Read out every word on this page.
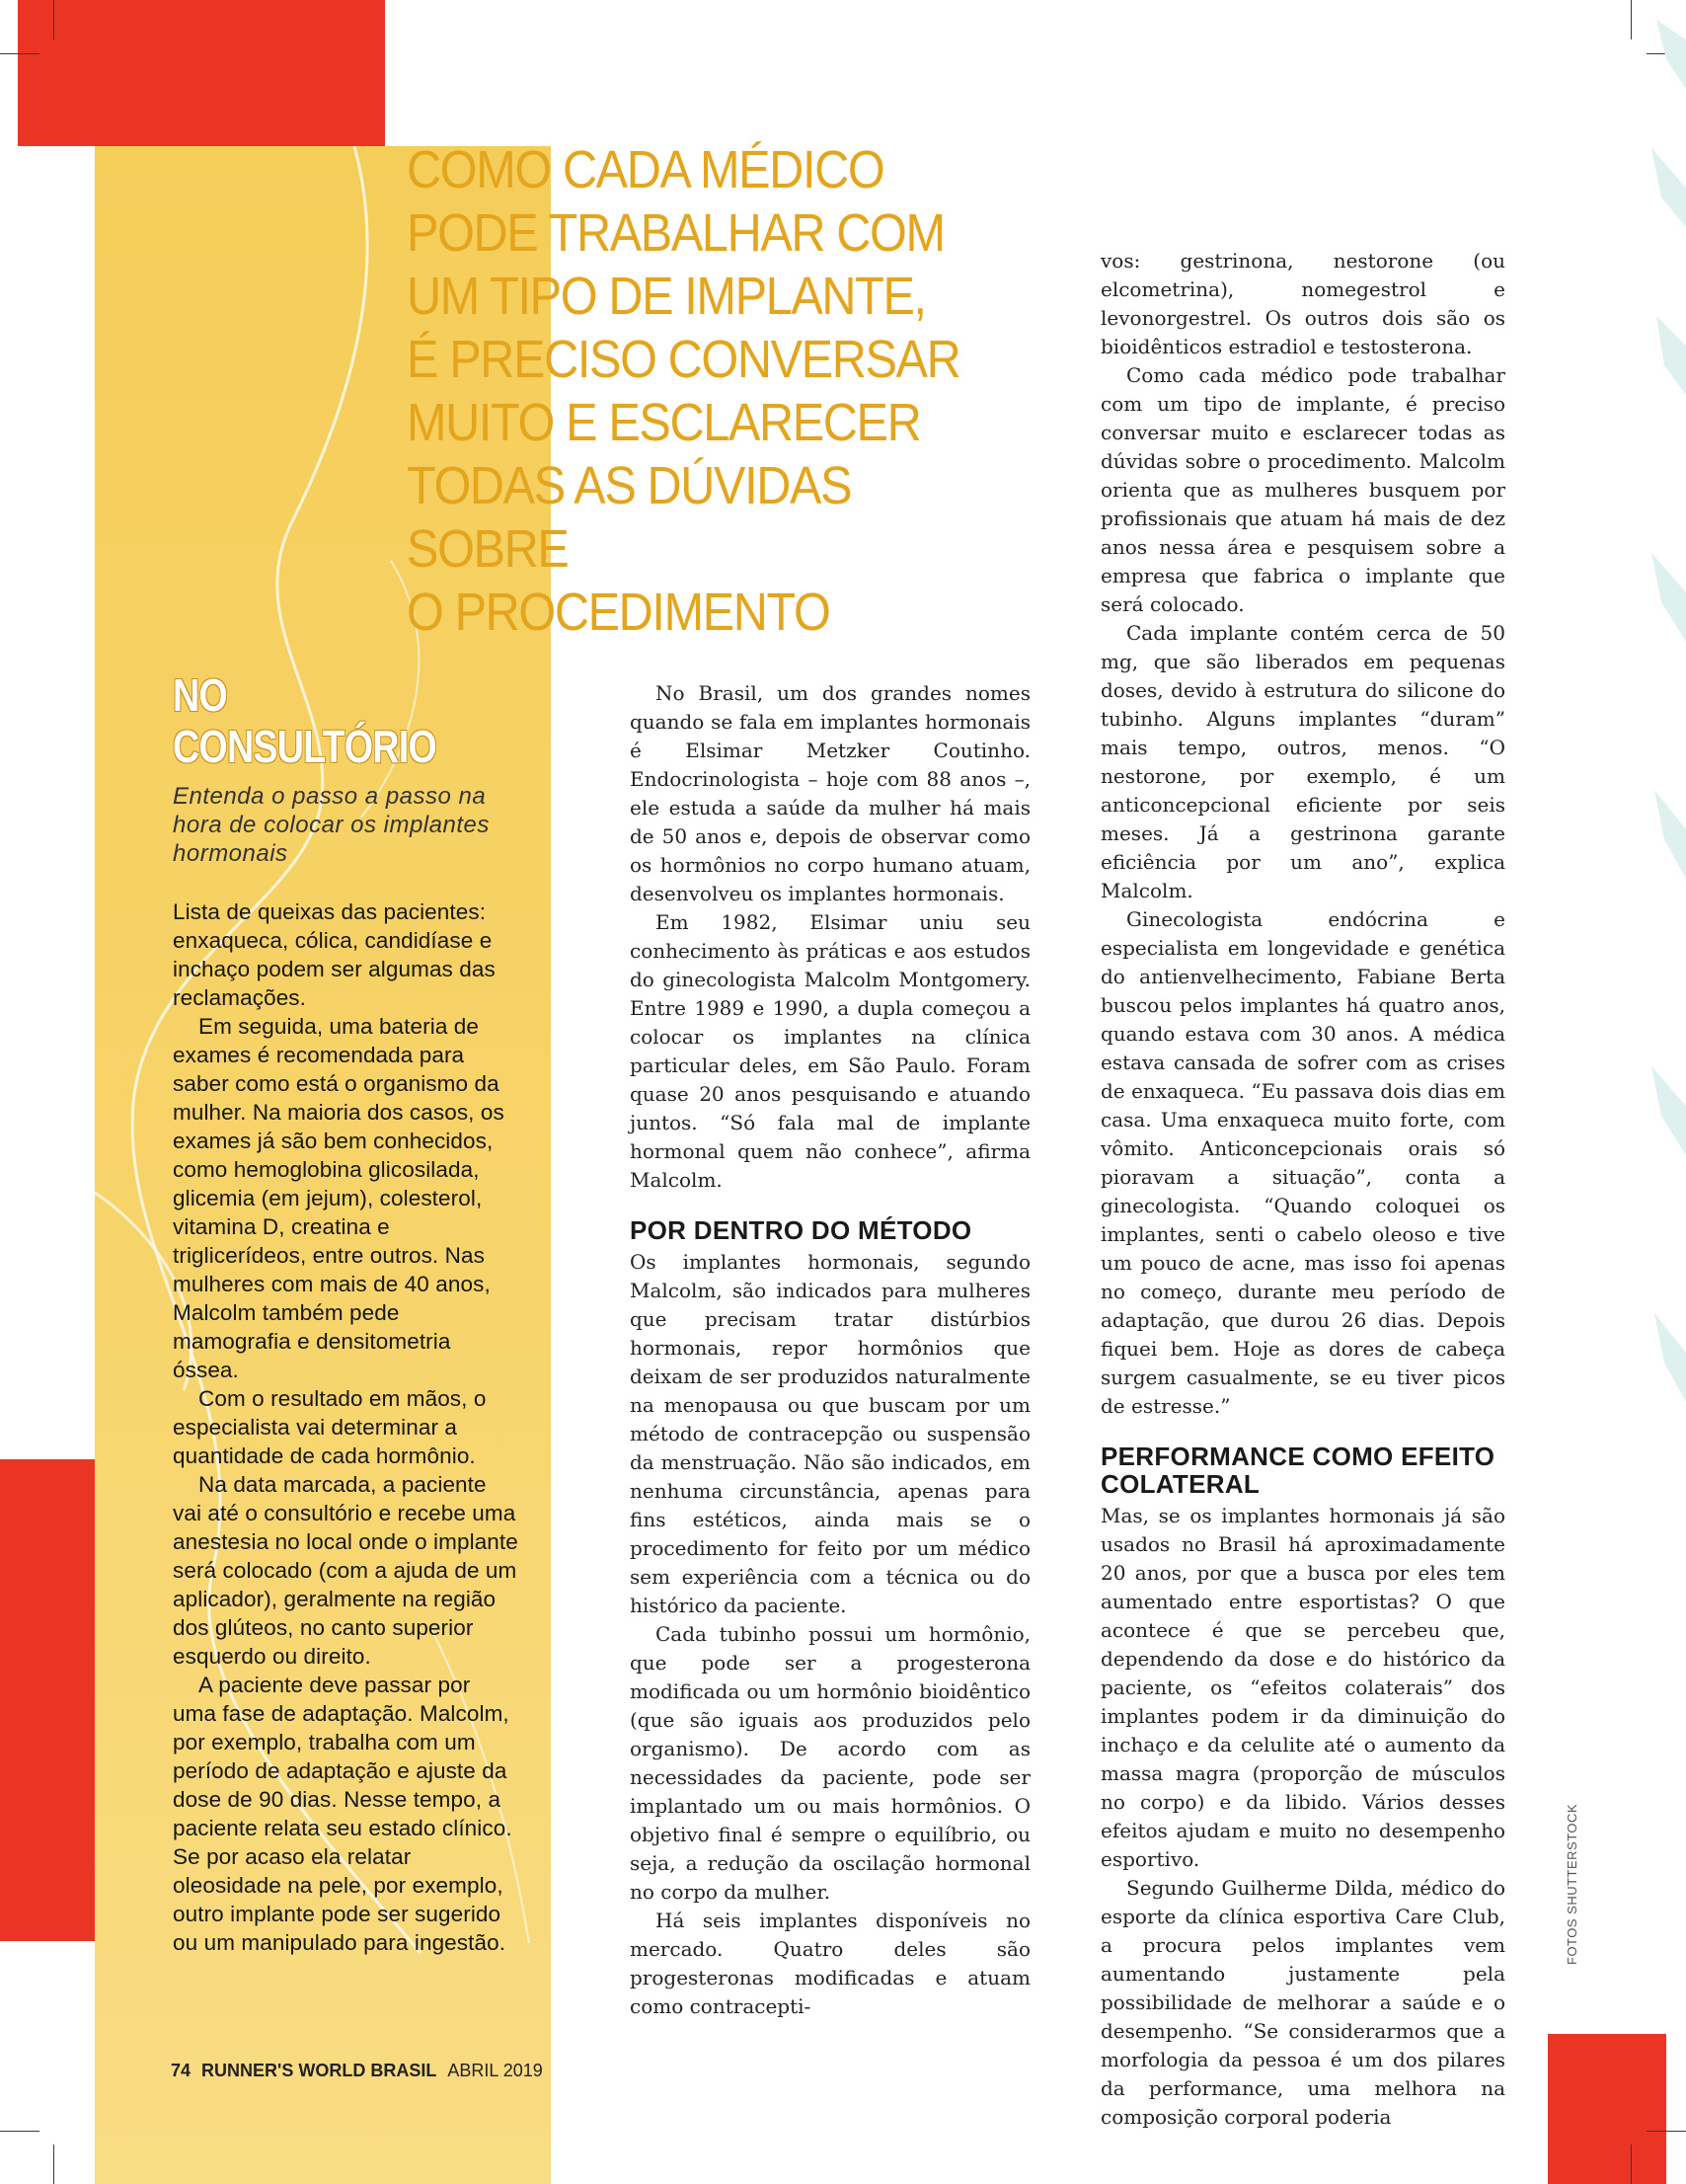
COMO CADA MÉDICO
PODE TRABALHAR COM
UM TIPO DE IMPLANTE,
É PRECISO CONVERSAR
MUITO E ESCLARECER
TODAS AS DÚVIDAS SOBRE
O PROCEDIMENTO

NO CONSULTÓRIO

Entenda o passo a passo na hora de colocar os implantes hormonais

Lista de queixas das pacientes: enxaqueca, cólica, candidíase e inchaço podem ser algumas das reclamações.

Em seguida, uma bateria de exames é recomendada para saber como está o organismo da mulher. Na maioria dos casos, os exames já são bem conhecidos, como hemoglobina glicosilada, glicemia (em jejum), colesterol, vitamina D, creatina e triglicerídeos, entre outros. Nas mulheres com mais de 40 anos, Malcolm também pede mamografia e densitometria óssea.

Com o resultado em mãos, o especialista vai determinar a quantidade de cada hormônio.

Na data marcada, a paciente vai até o consultório e recebe uma anestesia no local onde o implante será colocado (com a ajuda de um aplicador), geralmente na região dos glúteos, no canto superior esquerdo ou direito.

A paciente deve passar por uma fase de adaptação. Malcolm, por exemplo, trabalha com um período de adaptação e ajuste da dose de 90 dias. Nesse tempo, a paciente relata seu estado clínico. Se por acaso ela relatar oleosidade na pele, por exemplo, outro implante pode ser sugerido ou um manipulado para ingestão.

No Brasil, um dos grandes nomes quando se fala em implantes hormonais é Elsimar Metzker Coutinho. Endocrinologista – hoje com 88 anos –, ele estuda a saúde da mulher há mais de 50 anos e, depois de observar como os hormônios no corpo humano atuam, desenvolveu os implantes hormonais.

Em 1982, Elsimar uniu seu conhecimento às práticas e aos estudos do ginecologista Malcolm Montgomery. Entre 1989 e 1990, a dupla começou a colocar os implantes na clínica particular deles, em São Paulo. Foram quase 20 anos pesquisando e atuando juntos. “Só fala mal de implante hormonal quem não conhece”, afirma Malcolm.

POR DENTRO DO MÉTODO

Os implantes hormonais, segundo Malcolm, são indicados para mulheres que precisam tratar distúrbios hormonais, repor hormônios que deixam de ser produzidos naturalmente na menopausa ou que buscam por um método de contracepção ou suspensão da menstruação. Não são indicados, em nenhuma circunstância, apenas para fins estéticos, ainda mais se o procedimento for feito por um médico sem experiência com a técnica ou do histórico da paciente.

Cada tubinho possui um hormônio, que pode ser a progesterona modificada ou um hormônio bioidêntico (que são iguais aos produzidos pelo organismo). De acordo com as necessidades da paciente, pode ser implantado um ou mais hormônios. O objetivo final é sempre o equilíbrio, ou seja, a redução da oscilação hormonal no corpo da mulher.

Há seis implantes disponíveis no mercado. Quatro deles são progesteronas modificadas e atuam como contracepti-

vos: gestrinona, nestorone (ou elcometrina), nomegestrol e levonorgestrel. Os outros dois são os bioidênticos estradiol e testosterona.

Como cada médico pode trabalhar com um tipo de implante, é preciso conversar muito e esclarecer todas as dúvidas sobre o procedimento. Malcolm orienta que as mulheres busquem por profissionais que atuam há mais de dez anos nessa área e pesquisem sobre a empresa que fabrica o implante que será colocado.

Cada implante contém cerca de 50 mg, que são liberados em pequenas doses, devido à estrutura do silicone do tubinho. Alguns implantes “duram” mais tempo, outros, menos. “O nestorone, por exemplo, é um anticoncepcional eficiente por seis meses. Já a gestrinona garante eficiência por um ano”, explica Malcolm.

Ginecologista endócrina e especialista em longevidade e genética do antienvelhecimento, Fabiane Berta buscou pelos implantes há quatro anos, quando estava com 30 anos. A médica estava cansada de sofrer com as crises de enxaqueca. “Eu passava dois dias em casa. Uma enxaqueca muito forte, com vômito. Anticoncepcionais orais só pioravam a situação”, conta a ginecologista. “Quando coloquei os implantes, senti o cabelo oleoso e tive um pouco de acne, mas isso foi apenas no começo, durante meu período de adaptação, que durou 26 dias. Depois fiquei bem. Hoje as dores de cabeça surgem casualmente, se eu tiver picos de estresse.”

PERFORMANCE COMO EFEITO COLATERAL

Mas, se os implantes hormonais já são usados no Brasil há aproximadamente 20 anos, por que a busca por eles tem aumentado entre esportistas? O que acontece é que se percebeu que, dependendo da dose e do histórico da paciente, os “efeitos colaterais” dos implantes podem ir da diminuição do inchaço e da celulite até o aumento da massa magra (proporção de músculos no corpo) e da libido. Vários desses efeitos ajudam e muito no desempenho esportivo.

Segundo Guilherme Dilda, médico do esporte da clínica esportiva Care Club, a procura pelos implantes vem aumentando justamente pela possibilidade de melhorar a saúde e o desempenho. “Se considerarmos que a morfologia da pessoa é um dos pilares da performance, uma melhora na composição corporal poderia

74 RUNNER'S WORLD BRASIL ABRIL 2019
FOTOS SHUTTERSTOCK
